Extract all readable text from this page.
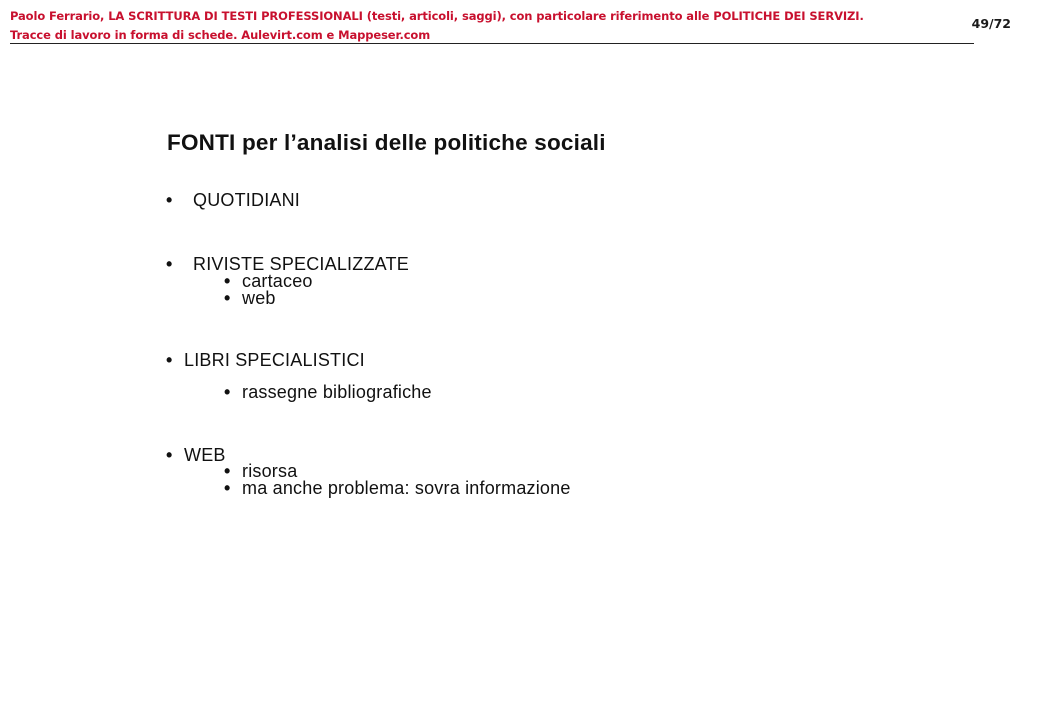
Paolo Ferrario, LA SCRITTURA DI TESTI PROFESSIONALI (testi, articoli, saggi), con particolare riferimento alle POLITICHE DEI SERVIZI.
Tracce di lavoro in forma di schede. Aulevirt.com e Mappeser.com
49/72
FONTI per l’analisi delle politiche sociali
• QUOTIDIANI
• RIVISTE SPECIALIZZATE
• cartaceo
• web
• LIBRI SPECIALISTICI
• rassegne bibliografiche
• WEB
• risorsa
• ma anche problema: sovra informazione
